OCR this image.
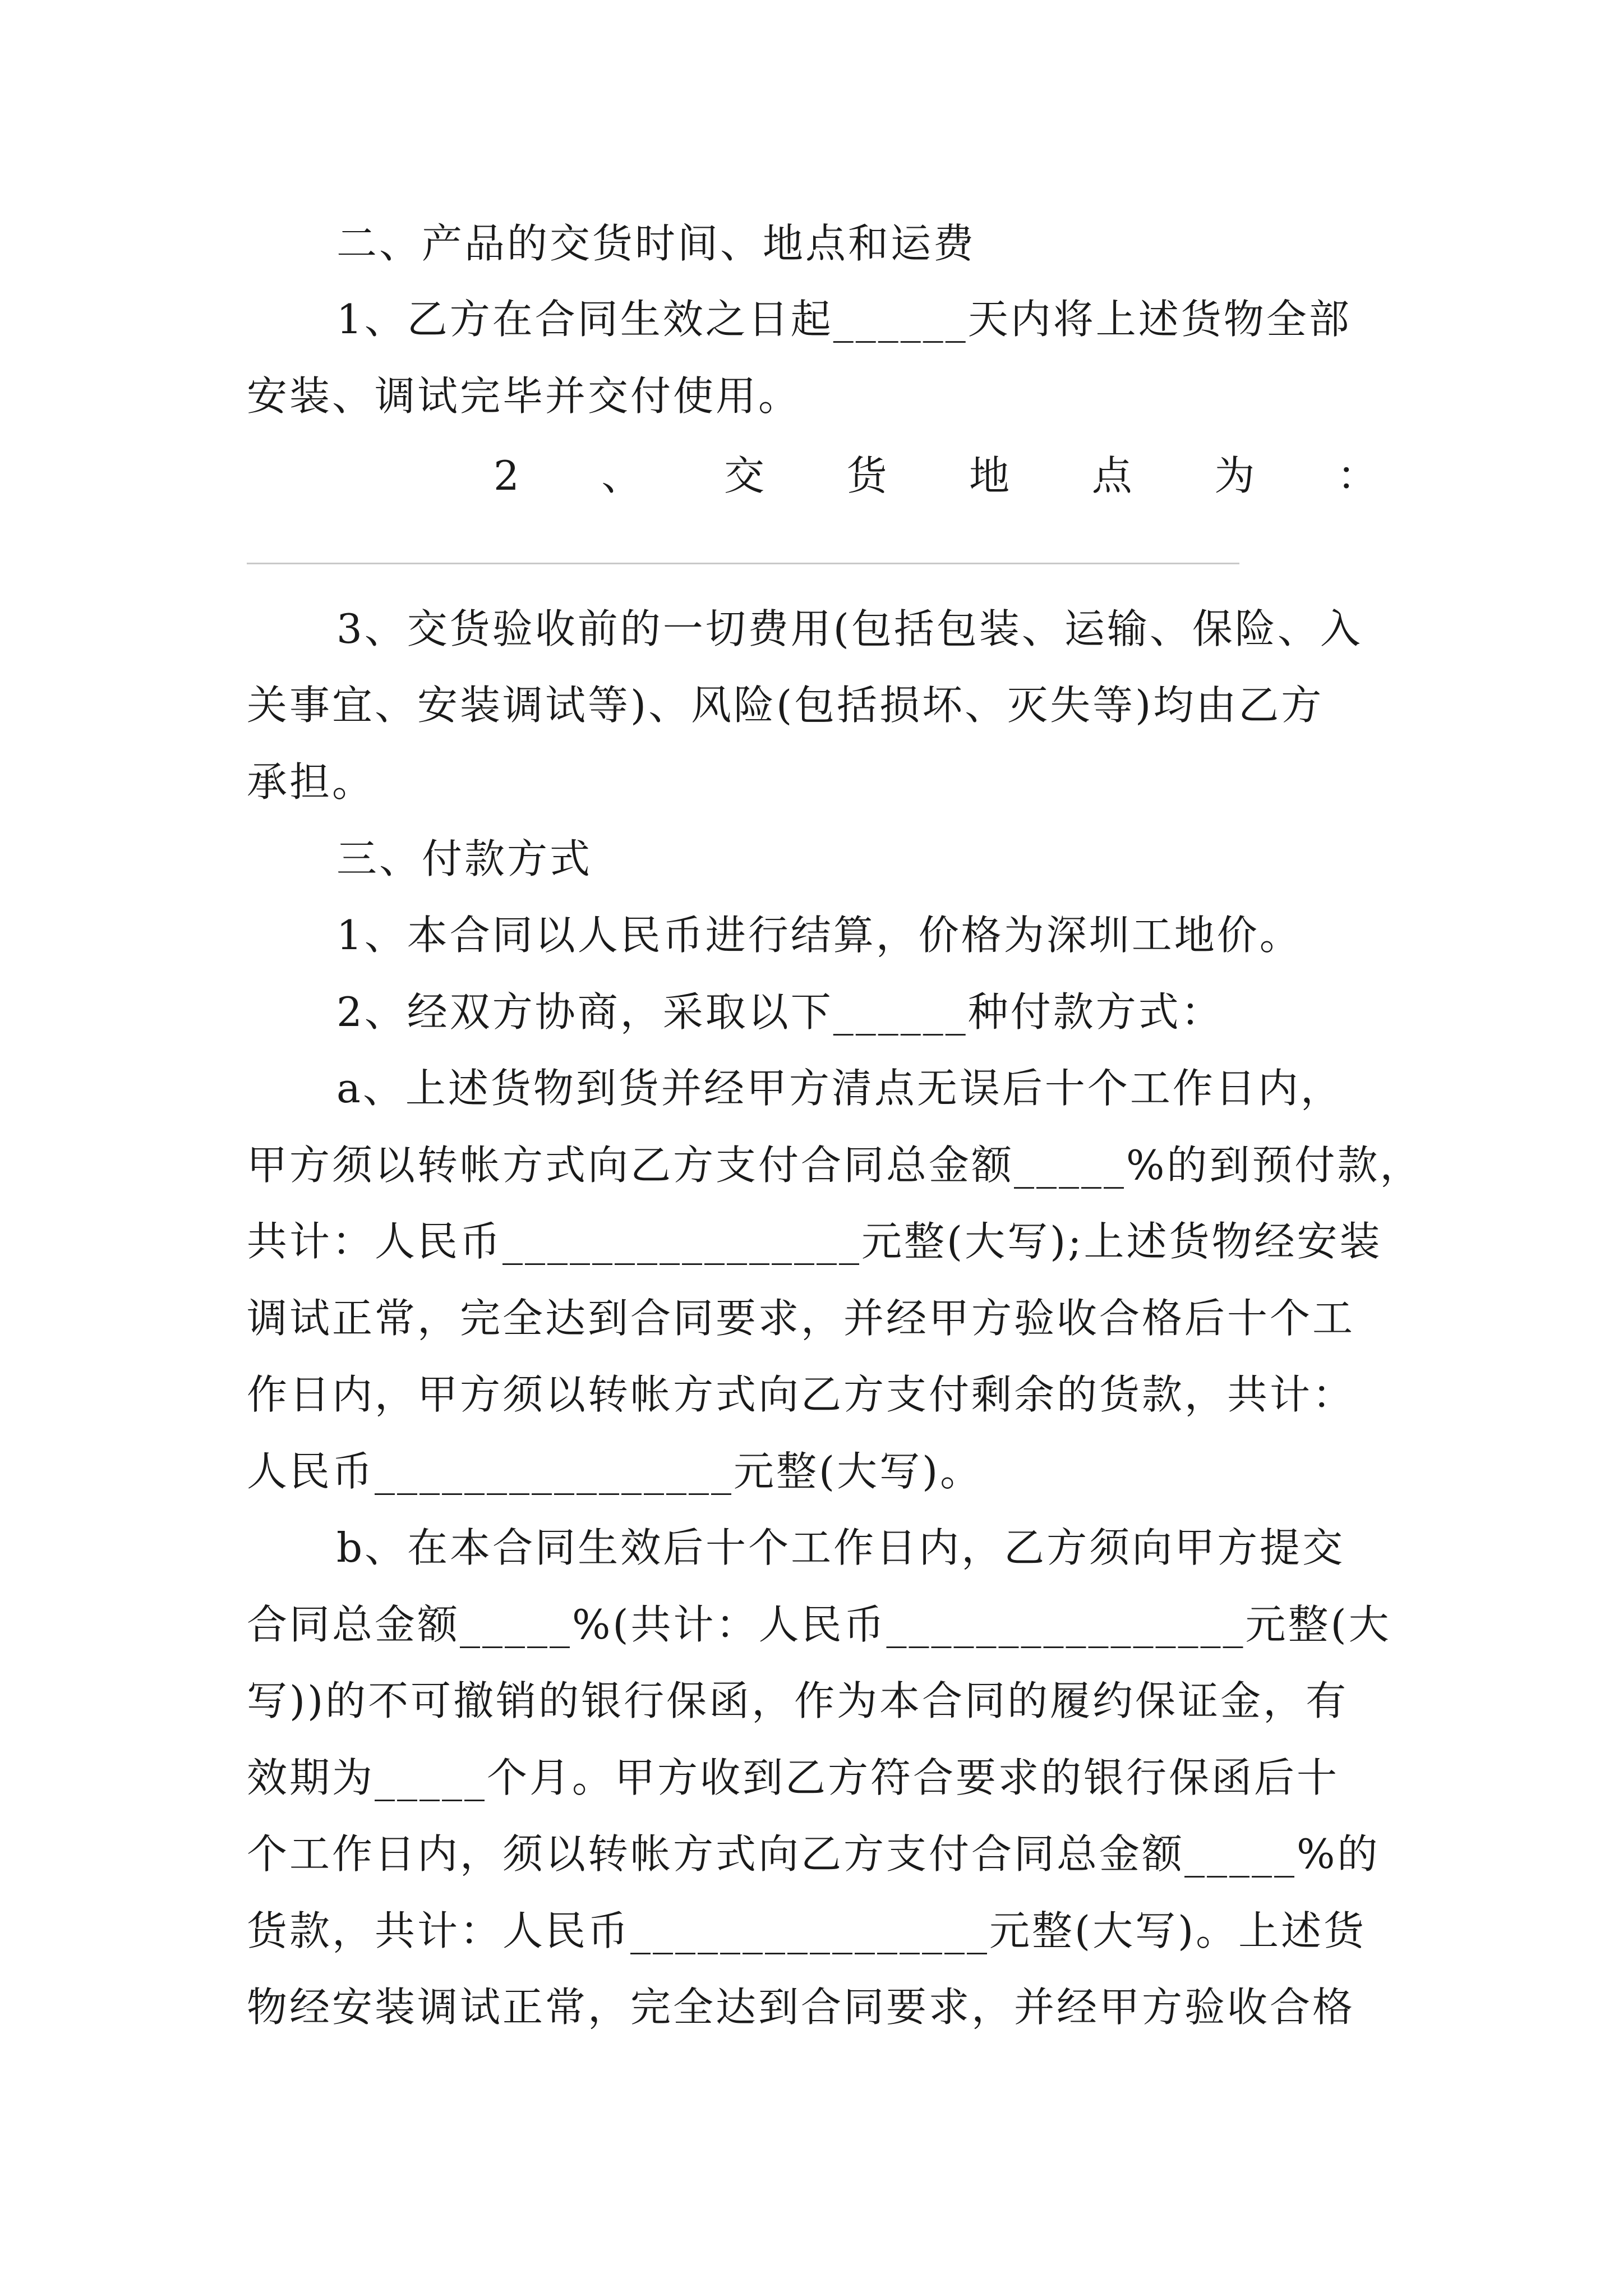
二、产品的交货时间、地点和运费
1、乙方在合同生效之日起______天内将上述货物全部
安装、调试完毕并交付使用。
2 、 交 货 地 点 为 ：
3、交货验收前的一切费用(包括包装、运输、保险、入
关事宜、安装调试等)、风险(包括损坏、灭失等)均由乙方
承担。
三、付款方式
1、本合同以人民币进行结算，价格为深圳工地价。
2、经双方协商，采取以下______种付款方式：
a、上述货物到货并经甲方清点无误后十个工作日内，
甲方须以转帐方式向乙方支付合同总金额_____%的到预付款，
共计：人民币________________元整(大写);上述货物经安装
调试正常，完全达到合同要求，并经甲方验收合格后十个工
作日内，甲方须以转帐方式向乙方支付剩余的货款，共计：
人民币________________元整(大写)。
b、在本合同生效后十个工作日内，乙方须向甲方提交
合同总金额_____%(共计：人民币________________元整(大
写))的不可撤销的银行保函，作为本合同的履约保证金，有
效期为_____个月。甲方收到乙方符合要求的银行保函后十
个工作日内，须以转帐方式向乙方支付合同总金额_____%的
货款，共计：人民币________________元整(大写)。上述货
物经安装调试正常，完全达到合同要求，并经甲方验收合格
